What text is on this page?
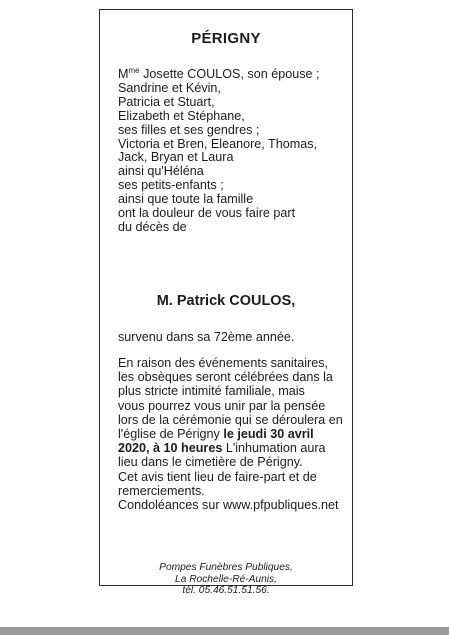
PÉRIGNY
$M^{me}$ Josette COULOS, son épouse ;
Sandrine et Kévin,
Patricia et Stuart,
Elizabeth et Stéphane,
ses filles et ses gendres ;
Victoria et Bren, Eleanore, Thomas,
Jack, Bryan et Laura
ainsi qu'Héléna
ses petits-enfants ;
ainsi que toute la famille
ont la douleur de vous faire part
du décès de
M. Patrick COULOS,
survenu dans sa 72ème année.
En raison des événements sanitaires,
les obsèques seront célébrées dans la
plus stricte intimité familiale, mais
vous pourrez vous unir par la pensée
lors de la cérémonie qui se déroulera en
l'église de Périgny le jeudi 30 avril
2020, à 10 heures L'inhumation aura
lieu dans le cimetière de Périgny.
Cet avis tient lieu de faire-part et de
remerciements.
Condoléances sur www.pfpubliques.net
Pompes Funèbres Publiques,
La Rochelle-Ré-Aunis,
tél. 05.46.51.51.56.
